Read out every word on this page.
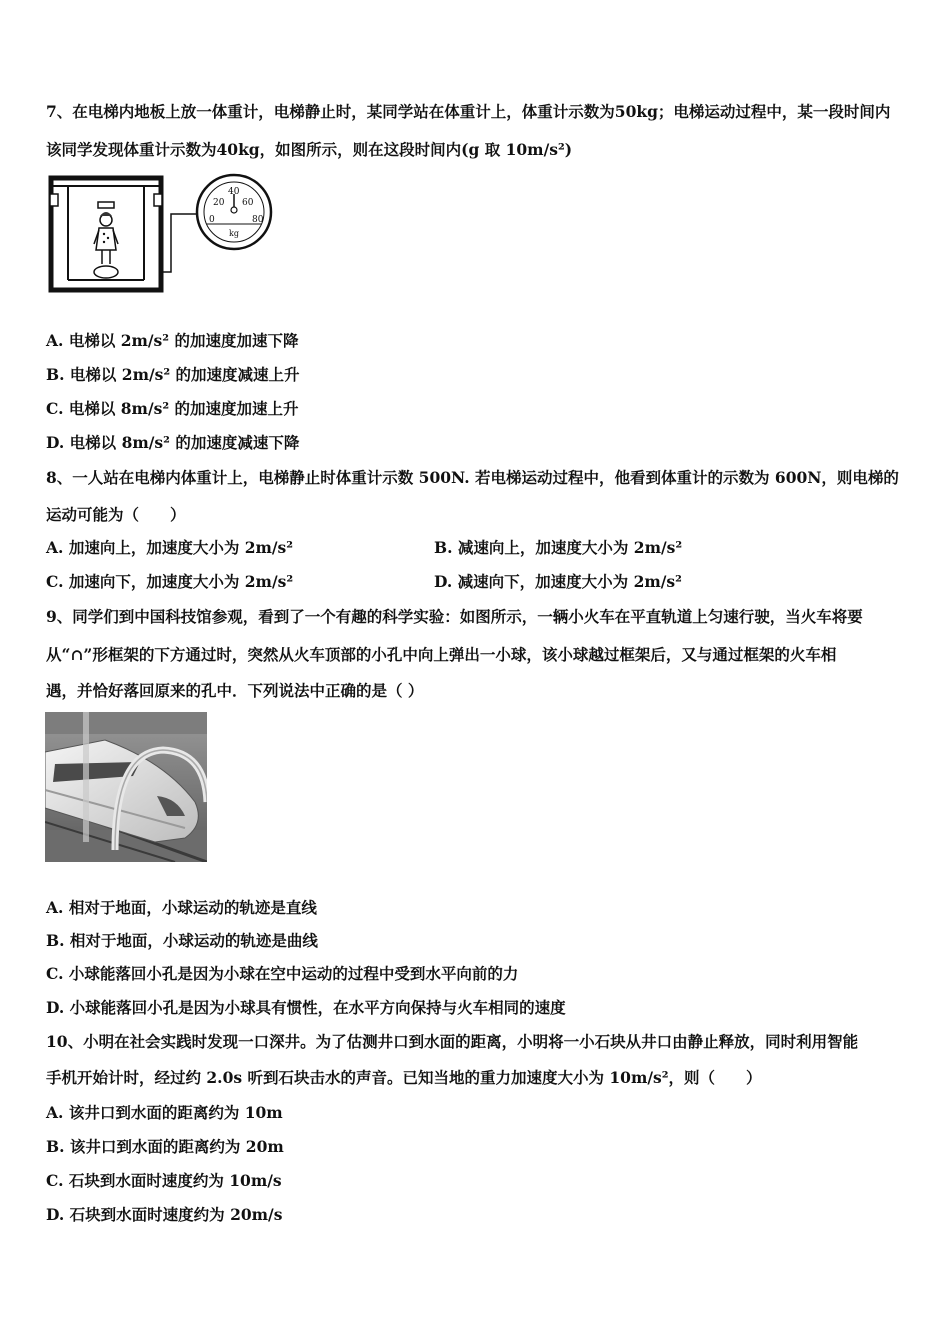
7、在电梯内地板上放一体重计，电梯静止时，某同学站在体重计上，体重计示数为50kg；电梯运动过程中，某一段时间内
该同学发现体重计示数为40kg，如图所示，则在这段时间内(g 取 10m/s²)
0
20
40
60
80
kg
A. 电梯以 2m/s² 的加速度加速下降
B. 电梯以 2m/s² 的加速度减速上升
C. 电梯以 8m/s² 的加速度加速上升
D. 电梯以 8m/s² 的加速度减速下降
8、一人站在电梯内体重计上，电梯静止时体重计示数 500N. 若电梯运动过程中，他看到体重计的示数为 600N，则电梯的
运动可能为（　　）
A. 加速向上，加速度大小为 2m/s²	B. 减速向上，加速度大小为 2m/s²
C. 加速向下，加速度大小为 2m/s²	D. 减速向下，加速度大小为 2m/s²
9、同学们到中国科技馆参观，看到了一个有趣的科学实验：如图所示，一辆小火车在平直轨道上匀速行驶，当火车将要
从“∩”形框架的下方通过时，突然从火车顶部的小孔中向上弹出一小球，该小球越过框架后，又与通过框架的火车相
遇，并恰好落回原来的孔中．下列说法中正确的是（ ）
A. 相对于地面，小球运动的轨迹是直线
B. 相对于地面，小球运动的轨迹是曲线
C. 小球能落回小孔是因为小球在空中运动的过程中受到水平向前的力
D. 小球能落回小孔是因为小球具有惯性，在水平方向保持与火车相同的速度
10、小明在社会实践时发现一口深井。为了估测井口到水面的距离，小明将一小石块从井口由静止释放，同时利用智能
手机开始计时，经过约 2.0s 听到石块击水的声音。已知当地的重力加速度大小为 10m/s²，则（　　）
A. 该井口到水面的距离约为 10m
B. 该井口到水面的距离约为 20m
C. 石块到水面时速度约为 10m/s
D. 石块到水面时速度约为 20m/s
